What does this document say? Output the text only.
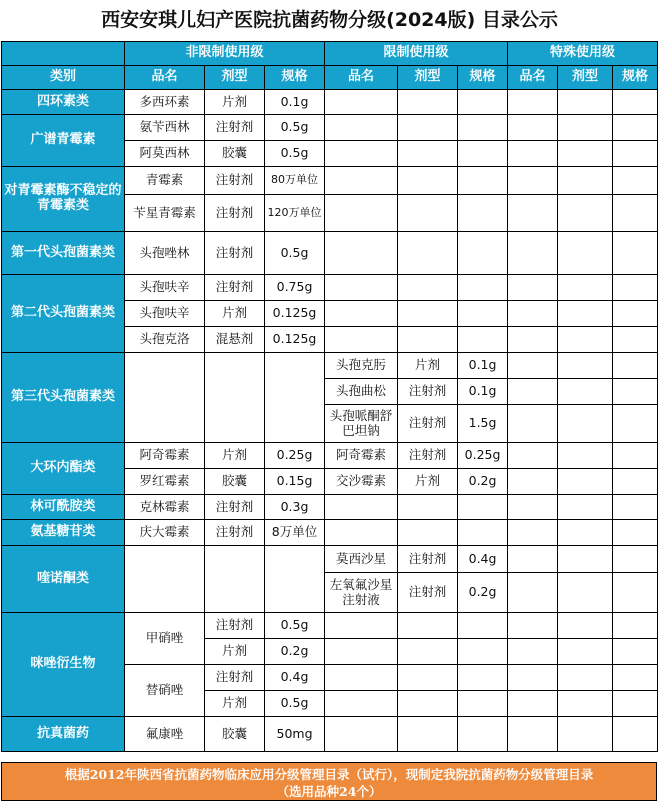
西安安琪儿妇产医院抗菌药物分级(2024版) 目录公示
	非限制使用级			限制使用级			特殊使用级		
类别	品名	剂型	规格	品名	剂型	规格	品名	剂型	规格
四环素类	多西环素	片剂	0.1g						
广谱青霉素	氨苄西林	注射剂	0.5g						
	阿莫西林	胶囊	0.5g						
对青霉素酶不稳定的青霉素类	青霉素	注射剂	80万单位						
	苄星青霉素	注射剂	120万单位						
第一代头孢菌素类	头孢唑林	注射剂	0.5g						
第二代头孢菌素类	头孢呋辛	注射剂	0.75g						
	头孢呋辛	片剂	0.125g						
	头孢克洛	混悬剂	0.125g						
第三代头孢菌素类				头孢克肟	片剂	0.1g			
				头孢曲松	注射剂	0.1g			
				头孢哌酮舒巴坦钠	注射剂	1.5g			
大环内酯类	阿奇霉素	片剂	0.25g	阿奇霉素	注射剂	0.25g			
	罗红霉素	胶囊	0.15g	交沙霉素	片剂	0.2g			
林可酰胺类	克林霉素	注射剂	0.3g						
氨基糖苷类	庆大霉素	注射剂	8万单位						
喹诺酮类				莫西沙星	注射剂	0.4g			
				左氧氟沙星注射液	注射剂	0.2g			
咪唑衍生物	甲硝唑	注射剂	0.5g						
		片剂	0.2g						
	替硝唑	注射剂	0.4g						
		片剂	0.5g						
抗真菌药	氟康唑	胶囊	50mg						
根据2012年陕西省抗菌药物临床应用分级管理目录（试行），现制定我院抗菌药物分级管理目录
（选用品种24个）
